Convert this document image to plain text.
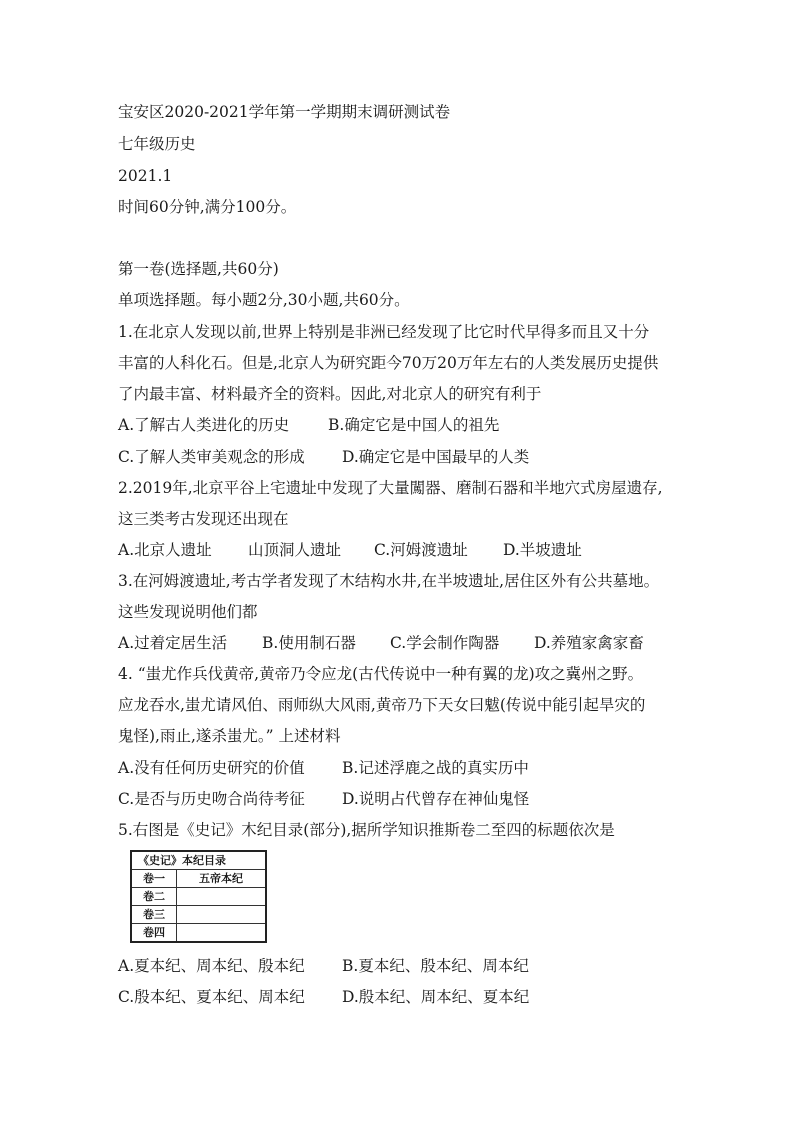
宝安区2020-2021学年第一学期期末调研测试卷
七年级历史
2021.1
时间60分钟,满分100分。
第一卷(选择题,共60分)
单项选择题。每小题2分,30小题,共60分。
1.在北京人发现以前,世界上特别是非洲已经发现了比它时代早得多而且又十分
丰富的人科化石。但是,北京人为研究距今70万20万年左右的人类发展历史提供
了内最丰富、材料最齐全的资料。因此,对北京人的研究有利于
A.了解古人类进化的历史	B.确定它是中国人的祖先
C.了解人类审美观念的形成 D.确定它是中国最早的人类
2.2019年,北京平谷上宅遗址中发现了大量闖器、磨制石器和半地穴式房屋遗存,
这三类考古发现还出现在
A.北京人遗址 山顶洞人遗址 C.河姆渡遗址 D.半坡遗址
3.在河姆渡遗址,考古学者发现了木结构水井,在半坡遗址,居住区外有公共墓地。
这些发现说明他们都
A.过着定居生活 B.使用制石器 C.学会制作陶器 D.养殖家禽家畜
4. “蚩尤作兵伐黄帝,黄帝乃令应龙(古代传说中一种有翼的龙)攻之冀州之野。
应龙吞水,蚩尤请风伯、雨师纵大风雨,黄帝乃下天女曰魃(传说中能引起旱灾的
鬼怪),雨止,遂杀蚩尤。” 上述材料
A.没有任何历史研究的价值 B.记述浮鹿之战的真实历中
C.是否与历史吻合尚待考征 D.说明占代曾存在神仙鬼怪
5.右图是《史记》木纪目录(部分),据所学知识推斯卷二至四的标题依次是
《史记》本纪目录	
卷一	五帝本纪
卷二	
卷三	
卷四	
A.夏本纪、周本纪、殷本纪 B.夏本纪、殷本纪、周本纪
C.殷本纪、夏本纪、周本纪 D.殷本纪、周本纪、夏本纪
